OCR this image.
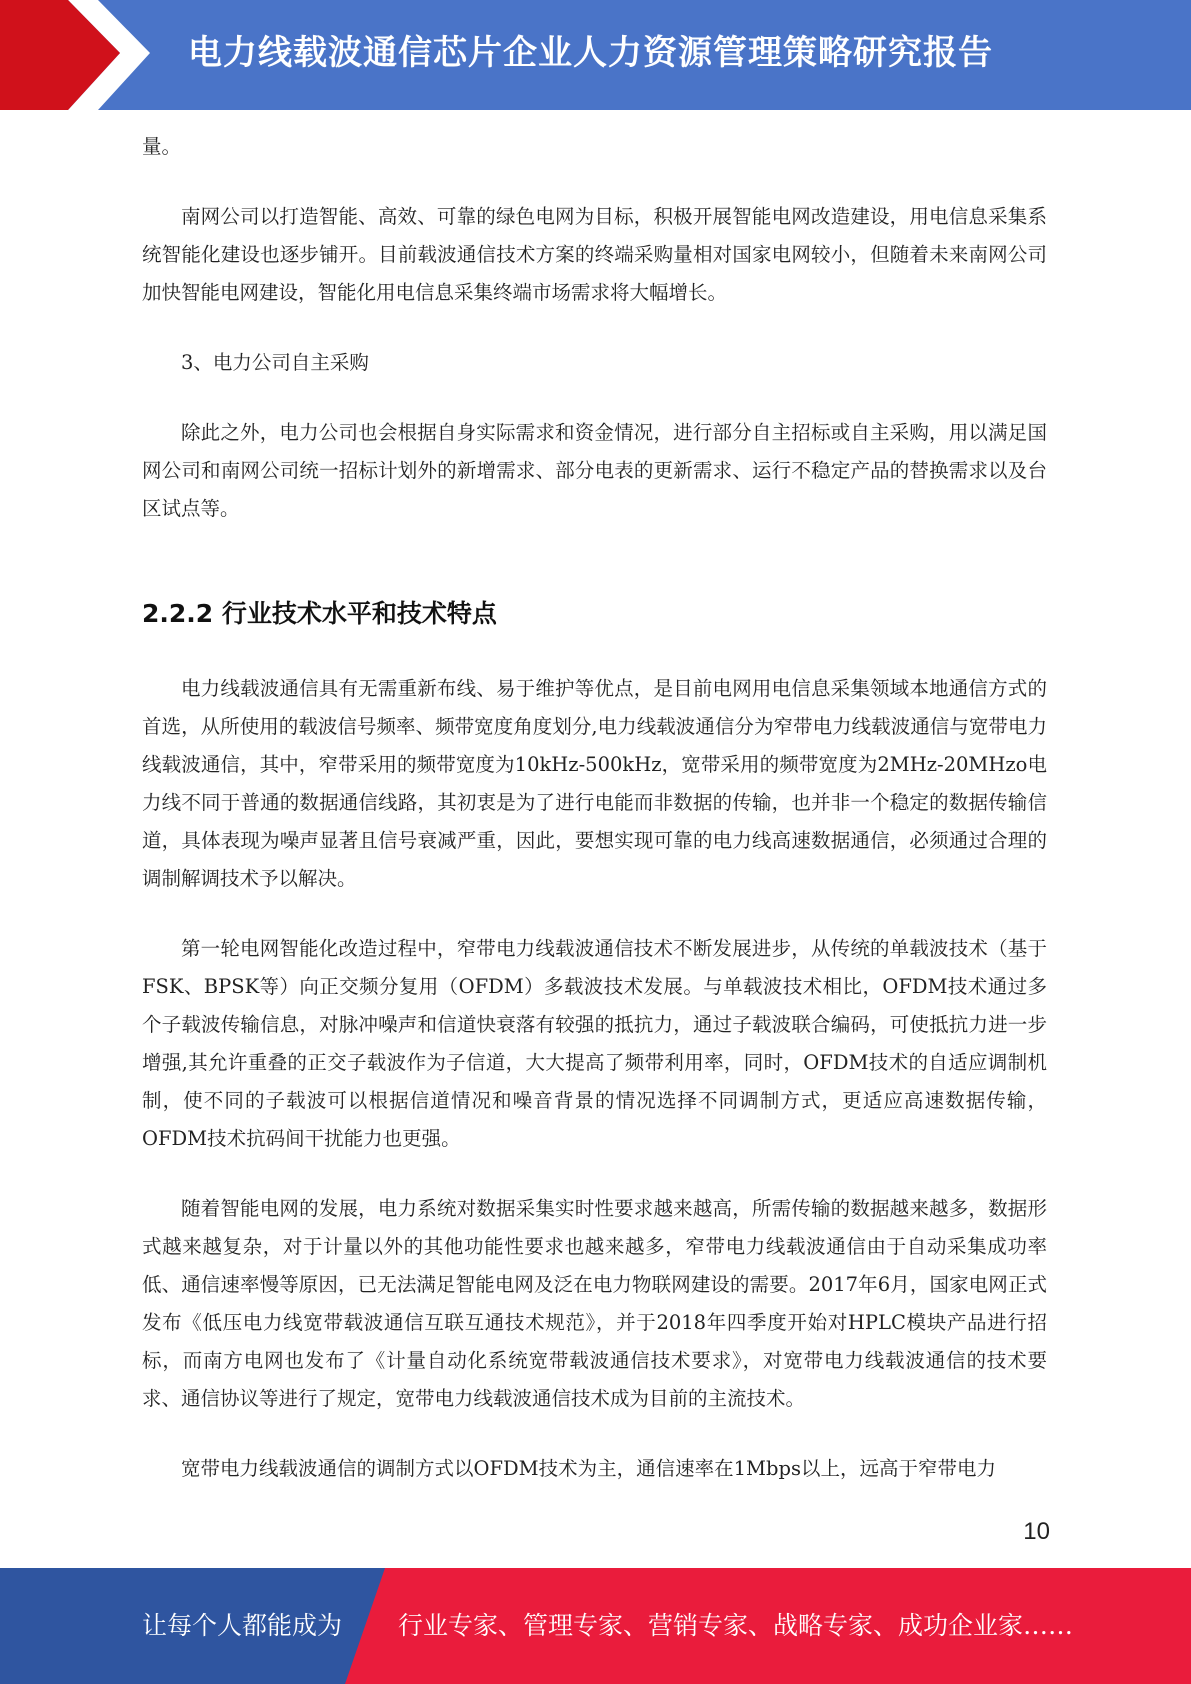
电力线载波通信芯片企业人力资源管理策略研究报告

量。

南网公司以打造智能、高效、可靠的绿色电网为目标，积极开展智能电网改造建设，用电信息采集系统智能化建设也逐步铺开。目前载波通信技术方案的终端采购量相对国家电网较小，但随着未来南网公司加快智能电网建设，智能化用电信息采集终端市场需求将大幅增长。

3、电力公司自主采购

除此之外，电力公司也会根据自身实际需求和资金情况，进行部分自主招标或自主采购，用以满足国网公司和南网公司统一招标计划外的新增需求、部分电表的更新需求、运行不稳定产品的替换需求以及台区试点等。

2.2.2 行业技术水平和技术特点

电力线载波通信具有无需重新布线、易于维护等优点，是目前电网用电信息采集领域本地通信方式的首选，从所使用的载波信号频率、频带宽度角度划分,电力线载波通信分为窄带电力线载波通信与宽带电力线载波通信，其中，窄带采用的频带宽度为10kHz-500kHz，宽带采用的频带宽度为2MHz-20MHzo电力线不同于普通的数据通信线路，其初衷是为了进行电能而非数据的传输，也并非一个稳定的数据传输信道，具体表现为噪声显著且信号衰减严重，因此，要想实现可靠的电力线高速数据通信，必须通过合理的调制解调技术予以解决。

第一轮电网智能化改造过程中，窄带电力线载波通信技术不断发展进步，从传统的单载波技术（基于FSK、BPSK等）向正交频分复用（OFDM）多载波技术发展。与单载波技术相比，OFDM技术通过多个子载波传输信息，对脉冲噪声和信道快衰落有较强的抵抗力，通过子载波联合编码，可使抵抗力进一步增强,其允许重叠的正交子载波作为子信道，大大提高了频带利用率，同时，OFDM技术的自适应调制机制，使不同的子载波可以根据信道情况和噪音背景的情况选择不同调制方式，更适应高速数据传输，OFDM技术抗码间干扰能力也更强。

随着智能电网的发展，电力系统对数据采集实时性要求越来越高，所需传输的数据越来越多，数据形式越来越复杂，对于计量以外的其他功能性要求也越来越多，窄带电力线载波通信由于自动采集成功率低、通信速率慢等原因，已无法满足智能电网及泛在电力物联网建设的需要。2017年6月，国家电网正式发布《低压电力线宽带载波通信互联互通技术规范》，并于2018年四季度开始对HPLC模块产品进行招标，而南方电网也发布了《计量自动化系统宽带载波通信技术要求》，对宽带电力线载波通信的技术要求、通信协议等进行了规定，宽带电力线载波通信技术成为目前的主流技术。

宽带电力线载波通信的调制方式以OFDM技术为主，通信速率在1Mbps以上，远高于窄带电力

10
让每个人都能成为 行业专家、管理专家、营销专家、战略专家、成功企业家……
